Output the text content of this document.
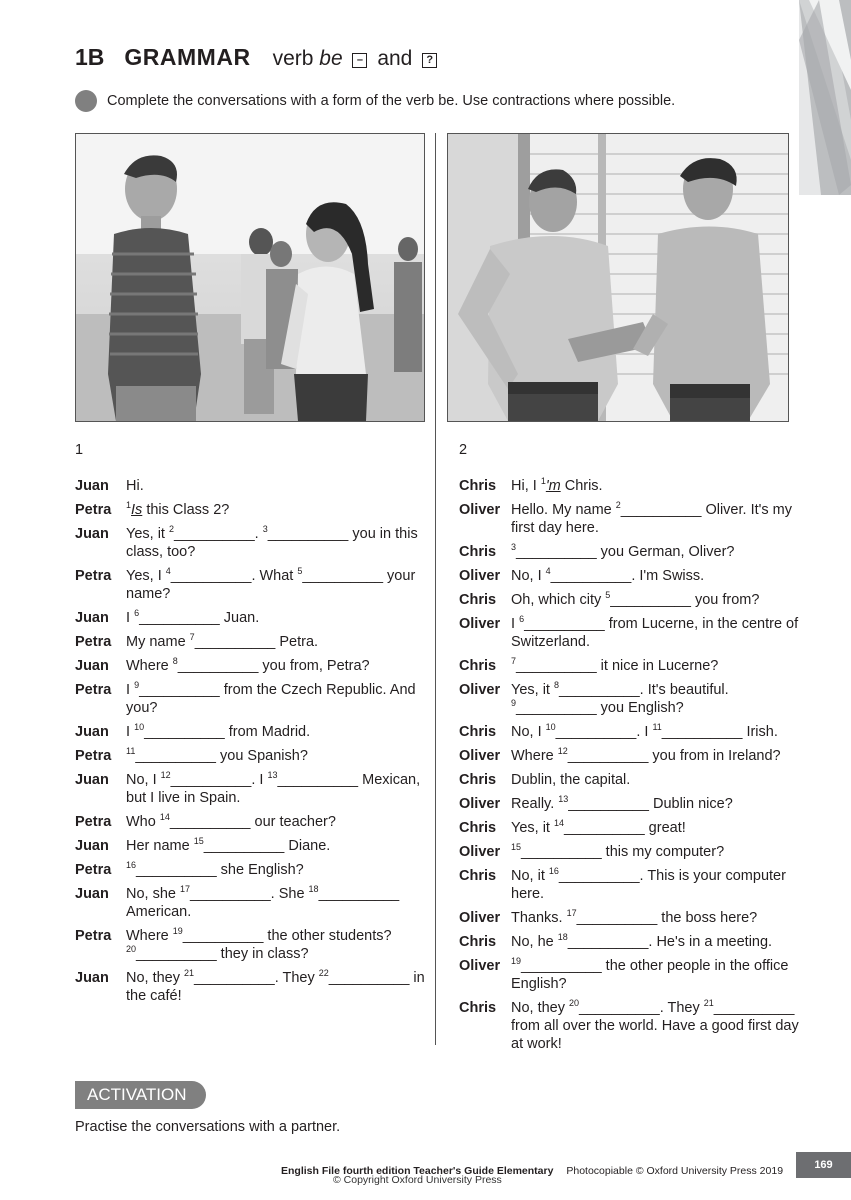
1B GRAMMAR verb be – and ?
Complete the conversations with a form of the verb be. Use contractions where possible.
1	2
Juan	Hi.
Petra	$^1$Is this Class 2?
Juan	Yes, it $^2$__________. $^3$__________ you in this class, too?
Petra	Yes, I $^4$__________. What $^5$__________ your name?
Juan	I $^6$__________ Juan.
Petra	My name $^7$__________ Petra.
Juan	Where $^8$__________ you from, Petra?
Petra	I $^9$__________ from the Czech Republic. And you?
Juan	I $^{10}$__________ from Madrid.
Petra	$^{11}$__________ you Spanish?
Juan	No, I $^{12}$__________. I $^{13}$__________ Mexican, but I live in Spain.
Petra	Who $^{14}$__________ our teacher?
Juan	Her name $^{15}$__________ Diane.
Petra	$^{16}$__________ she English?
Juan	No, she $^{17}$__________. She $^{18}$__________ American.
Petra	Where $^{19}$__________ the other students? $^{20}$__________ they in class?
Juan	No, they $^{21}$__________. They $^{22}$__________ in the café!
Chris	Hi, I $^1$'m Chris.
Oliver Hello. My name $^2$__________ Oliver. It's my first day here.
Chris	$^3$__________ you German, Oliver?
Oliver No, I $^4$__________. I'm Swiss.
Chris	Oh, which city $^5$__________ you from?
Oliver I $^6$__________ from Lucerne, in the centre of Switzerland.
Chris	$^7$__________ it nice in Lucerne?
Oliver Yes, it $^8$__________. It's beautiful. $^9$__________ you English?
Chris	No, I $^{10}$__________. I $^{11}$__________ Irish.
Oliver Where $^{12}$__________ you from in Ireland?
Chris	Dublin, the capital.
Oliver Really. $^{13}$__________ Dublin nice?
Chris	Yes, it $^{14}$__________ great!
Oliver	$^{15}$__________ this my computer?
Chris	No, it $^{16}$__________. This is your computer here.
Oliver Thanks. $^{17}$__________ the boss here?
Chris	No, he $^{18}$__________. He's in a meeting.
Oliver	$^{19}$__________ the other people in the office English?
Chris	No, they $^{20}$__________. They $^{21}$__________ from all over the world. Have a good first day at work!
ACTIVATION
Practise the conversations with a partner.
English File fourth edition Teacher's Guide Elementary Photocopiable © Oxford University Press 2019
© Copyright Oxford University Press
169
